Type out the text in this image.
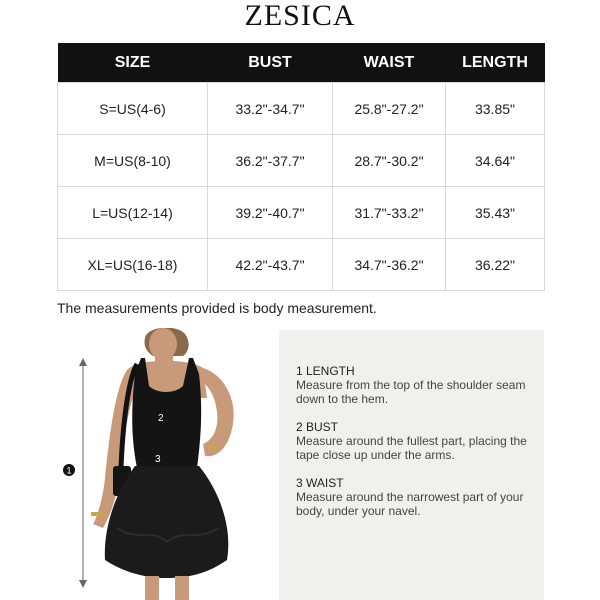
ZESICA
SIZE	BUST	WAIST	LENGTH
S=US(4-6)	33.2"-34.7"	25.8"-27.2"	33.85"
M=US(8-10)	36.2"-37.7"	28.7"-30.2"	34.64"
L=US(12-14)	39.2"-40.7"	31.7"-33.2"	35.43"
XL=US(16-18)	42.2"-43.7"	34.7"-36.2"	36.22"
The measurements provided is body measurement.
1
2
3
1 LENGTH
Measure from the top of the shoulder seam down to the hem.
2 BUST
Measure around the fullest part, placing the tape close up under the arms.
3 WAIST
Measure around the narrowest part of your body, under your navel.
